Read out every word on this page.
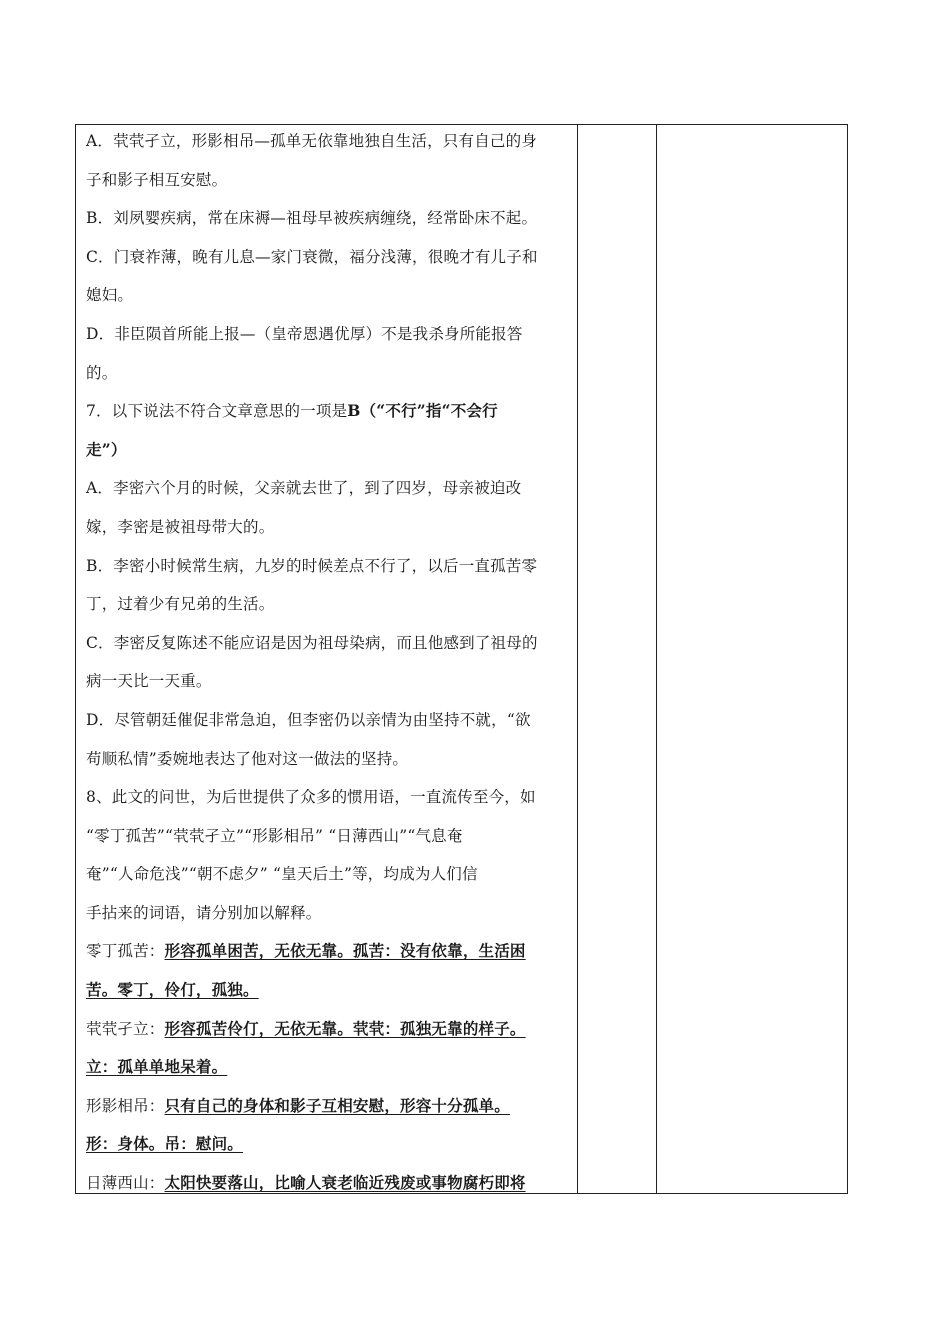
A．茕茕孑立，形影相吊—孤单无依靠地独自生活，只有自己的身
子和影子相互安慰。
B．刘夙婴疾病，常在床褥—祖母早被疾病缠绕，经常卧床不起。
C．门衰祚薄，晚有儿息—家门衰微，福分浅薄，很晚才有儿子和
媳妇。
D．非臣陨首所能上报—（皇帝恩遇优厚）不是我杀身所能报答
的。
7．以下说法不符合文章意思的一项是B（“不行”指“不会行
走”）
A．李密六个月的时候，父亲就去世了，到了四岁，母亲被迫改
嫁，李密是被祖母带大的。
B．李密小时候常生病，九岁的时候差点不行了，以后一直孤苦零
丁，过着少有兄弟的生活。
C．李密反复陈述不能应诏是因为祖母染病，而且他感到了祖母的
病一天比一天重。
D．尽管朝廷催促非常急迫，但李密仍以亲情为由坚持不就，“欲
苟顺私情”委婉地表达了他对这一做法的坚持。
8、此文的问世，为后世提供了众多的惯用语，一直流传至今，如
“零丁孤苦”“茕茕孑立”“形影相吊” “日薄西山”“气息奄
奄”“人命危浅”“朝不虑夕” “皇天后土”等，均成为人们信
手拈来的词语，请分别加以解释。
零丁孤苦：形容孤单困苦，无依无靠。孤苦：没有依靠，生活困
苦。零丁，伶仃，孤独。
茕茕孑立：形容孤苦伶仃，无依无靠。茕茕：孤独无靠的样子。
立：孤单单地呆着。
形影相吊：只有自己的身体和影子互相安慰，形容十分孤单。
形：身体。吊：慰问。
日薄西山：太阳快要落山，比喻人衰老临近残废或事物腐朽即将
